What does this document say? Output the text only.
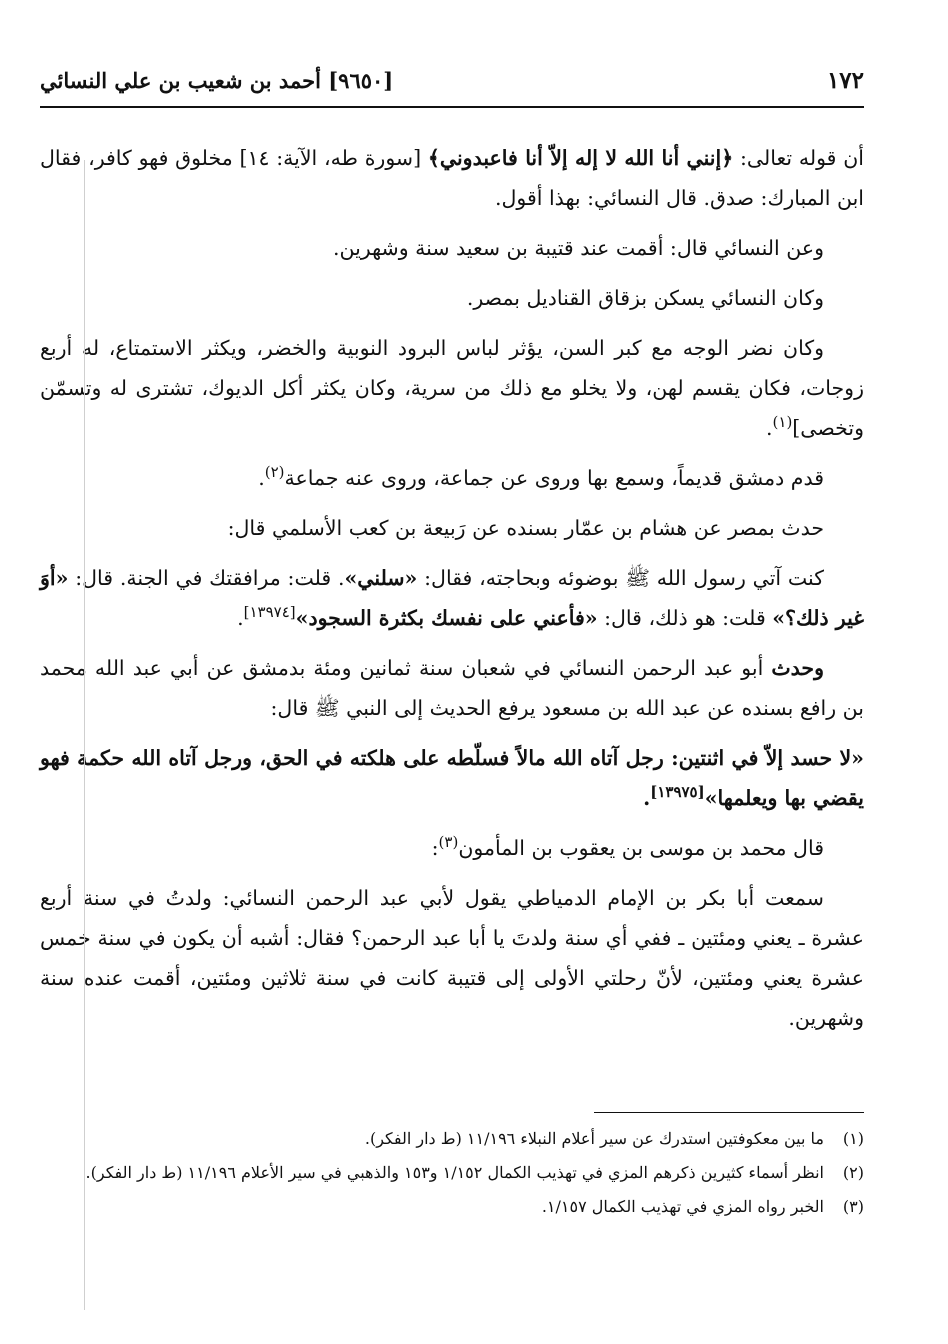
١٧٢
[٩٦٥٠] أحمد بن شعيب بن علي النسائي

أن قوله تعالى: ﴿إنني أنا الله لا إله إلاّ أنا فاعبدوني﴾ [سورة طه، الآية: ١٤] مخلوق فهو كافر، فقال ابن المبارك: صدق. قال النسائي: بهذا أقول.

وعن النسائي قال: أقمت عند قتيبة بن سعيد سنة وشهرين.

وكان النسائي يسكن بزقاق القناديل بمصر.

وكان نضر الوجه مع كبر السن، يؤثر لباس البرود النوبية والخضر، ويكثر الاستمتاع، له أربع زوجات، فكان يقسم لهن، ولا يخلو مع ذلك من سرية، وكان يكثر أكل الديوك، تشترى له وتسمّن وتخصى]$^{(١)}$.

قدم دمشق قديماً، وسمع بها وروى عن جماعة، وروى عنه جماعة$^{(٢)}$.

حدث بمصر عن هشام بن عمّار بسنده عن رَبيعة بن كعب الأسلمي قال:

كنت آتي رسول الله ﷺ بوضوئه وبحاجته، فقال: «سلني». قلت: مرافقتك في الجنة. قال: «أوَ غير ذلك؟» قلت: هو ذلك، قال: «فأعني على نفسك بكثرة السجود»[١٣٩٧٤].

وحدث أبو عبد الرحمن النسائي في شعبان سنة ثمانين ومئة بدمشق عن أبي عبد الله محمد بن رافع بسنده عن عبد الله بن مسعود يرفع الحديث إلى النبي ﷺ قال:

«لا حسد إلاّ في اثنتين: رجل آتاه الله مالاً فسلّطه على هلكته في الحق، ورجل آتاه الله حكمة فهو يقضي بها ويعلمها»[١٣٩٧٥].

قال محمد بن موسى بن يعقوب بن المأمون$^{(٣)}$:

سمعت أبا بكر بن الإمام الدمياطي يقول لأبي عبد الرحمن النسائي: ولدتُ في سنة أربع عشرة ـ يعني ومئتين ـ ففي أي سنة ولدتَ يا أبا عبد الرحمن؟ فقال: أشبه أن يكون في سنة خمس عشرة يعني ومئتين، لأنّ رحلتي الأولى إلى قتيبة كانت في سنة ثلاثين ومئتين، أقمت عنده سنة وشهرين.

(١)
ما بين معكوفتين استدرك عن سير أعلام النبلاء ١١/١٩٦ (ط دار الفكر).
(٢)
انظر أسماء كثيرين ذكرهم المزي في تهذيب الكمال ١/١٥٢ و١٥٣ والذهبي في سير الأعلام ١١/١٩٦ (ط دار الفكر).
(٣)
الخبر رواه المزي في تهذيب الكمال ١/١٥٧.
